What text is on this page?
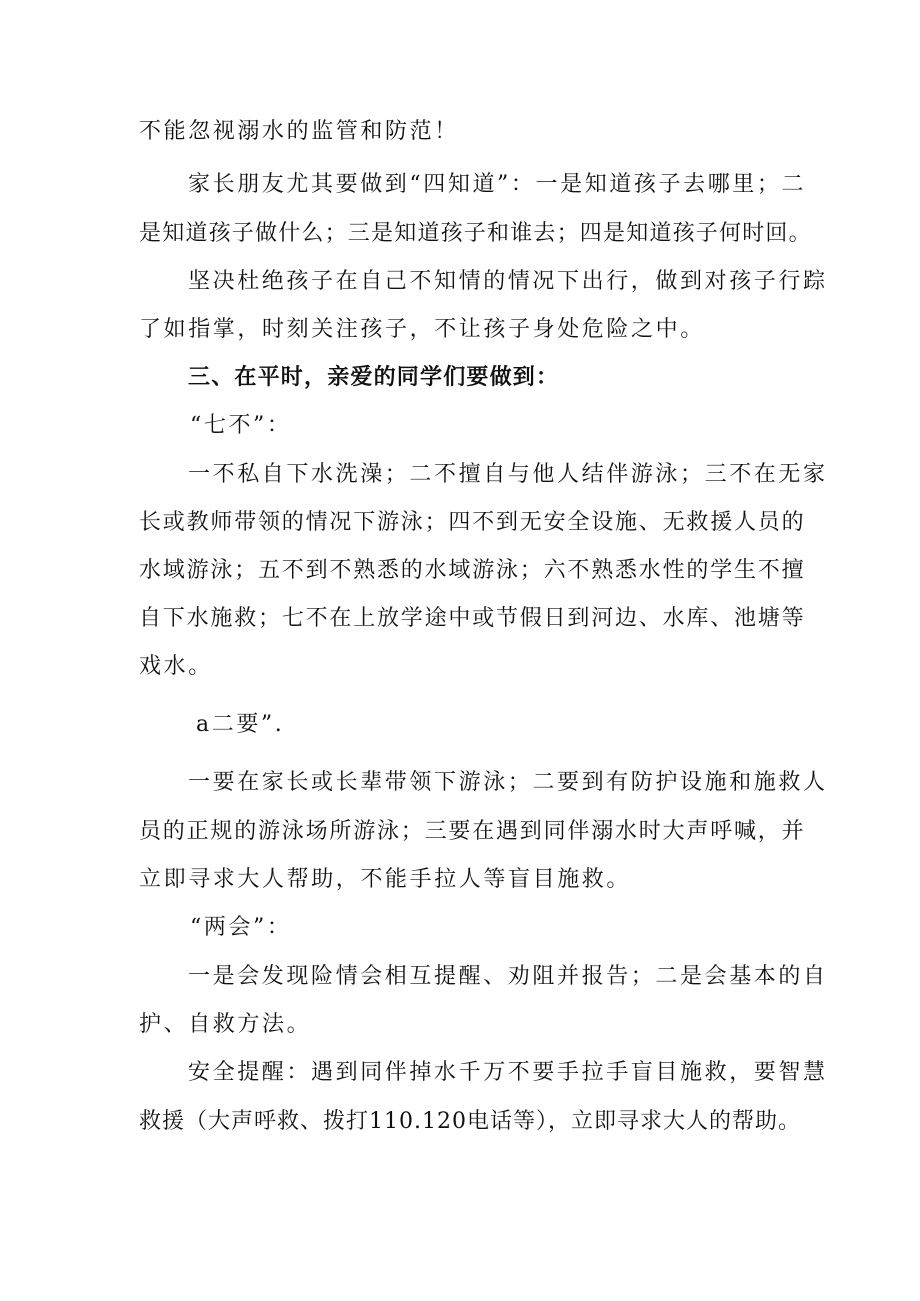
不能忽视溺水的监管和防范！
家长朋友尤其要做到“四知道”：一是知道孩子去哪里；二
是知道孩子做什么；三是知道孩子和谁去；四是知道孩子何时回。
坚决杜绝孩子在自己不知情的情况下出行，做到对孩子行踪
了如指掌，时刻关注孩子，不让孩子身处危险之中。
三、在平时，亲爱的同学们要做到：
“七不”：
一不私自下水洗澡；二不擅自与他人结伴游泳；三不在无家
长或教师带领的情况下游泳；四不到无安全设施、无救援人员的
水域游泳；五不到不熟悉的水域游泳；六不熟悉水性的学生不擅
自下水施救；七不在上放学途中或节假日到河边、水库、池塘等
戏水。
a二要”.
一要在家长或长辈带领下游泳；二要到有防护设施和施救人
员的正规的游泳场所游泳；三要在遇到同伴溺水时大声呼喊，并
立即寻求大人帮助，不能手拉人等盲目施救。
“两会”：
一是会发现险情会相互提醒、劝阻并报告；二是会基本的自
护、自救方法。
安全提醒：遇到同伴掉水千万不要手拉手盲目施救，要智慧
救援（大声呼救、拨打110.120电话等），立即寻求大人的帮助。
